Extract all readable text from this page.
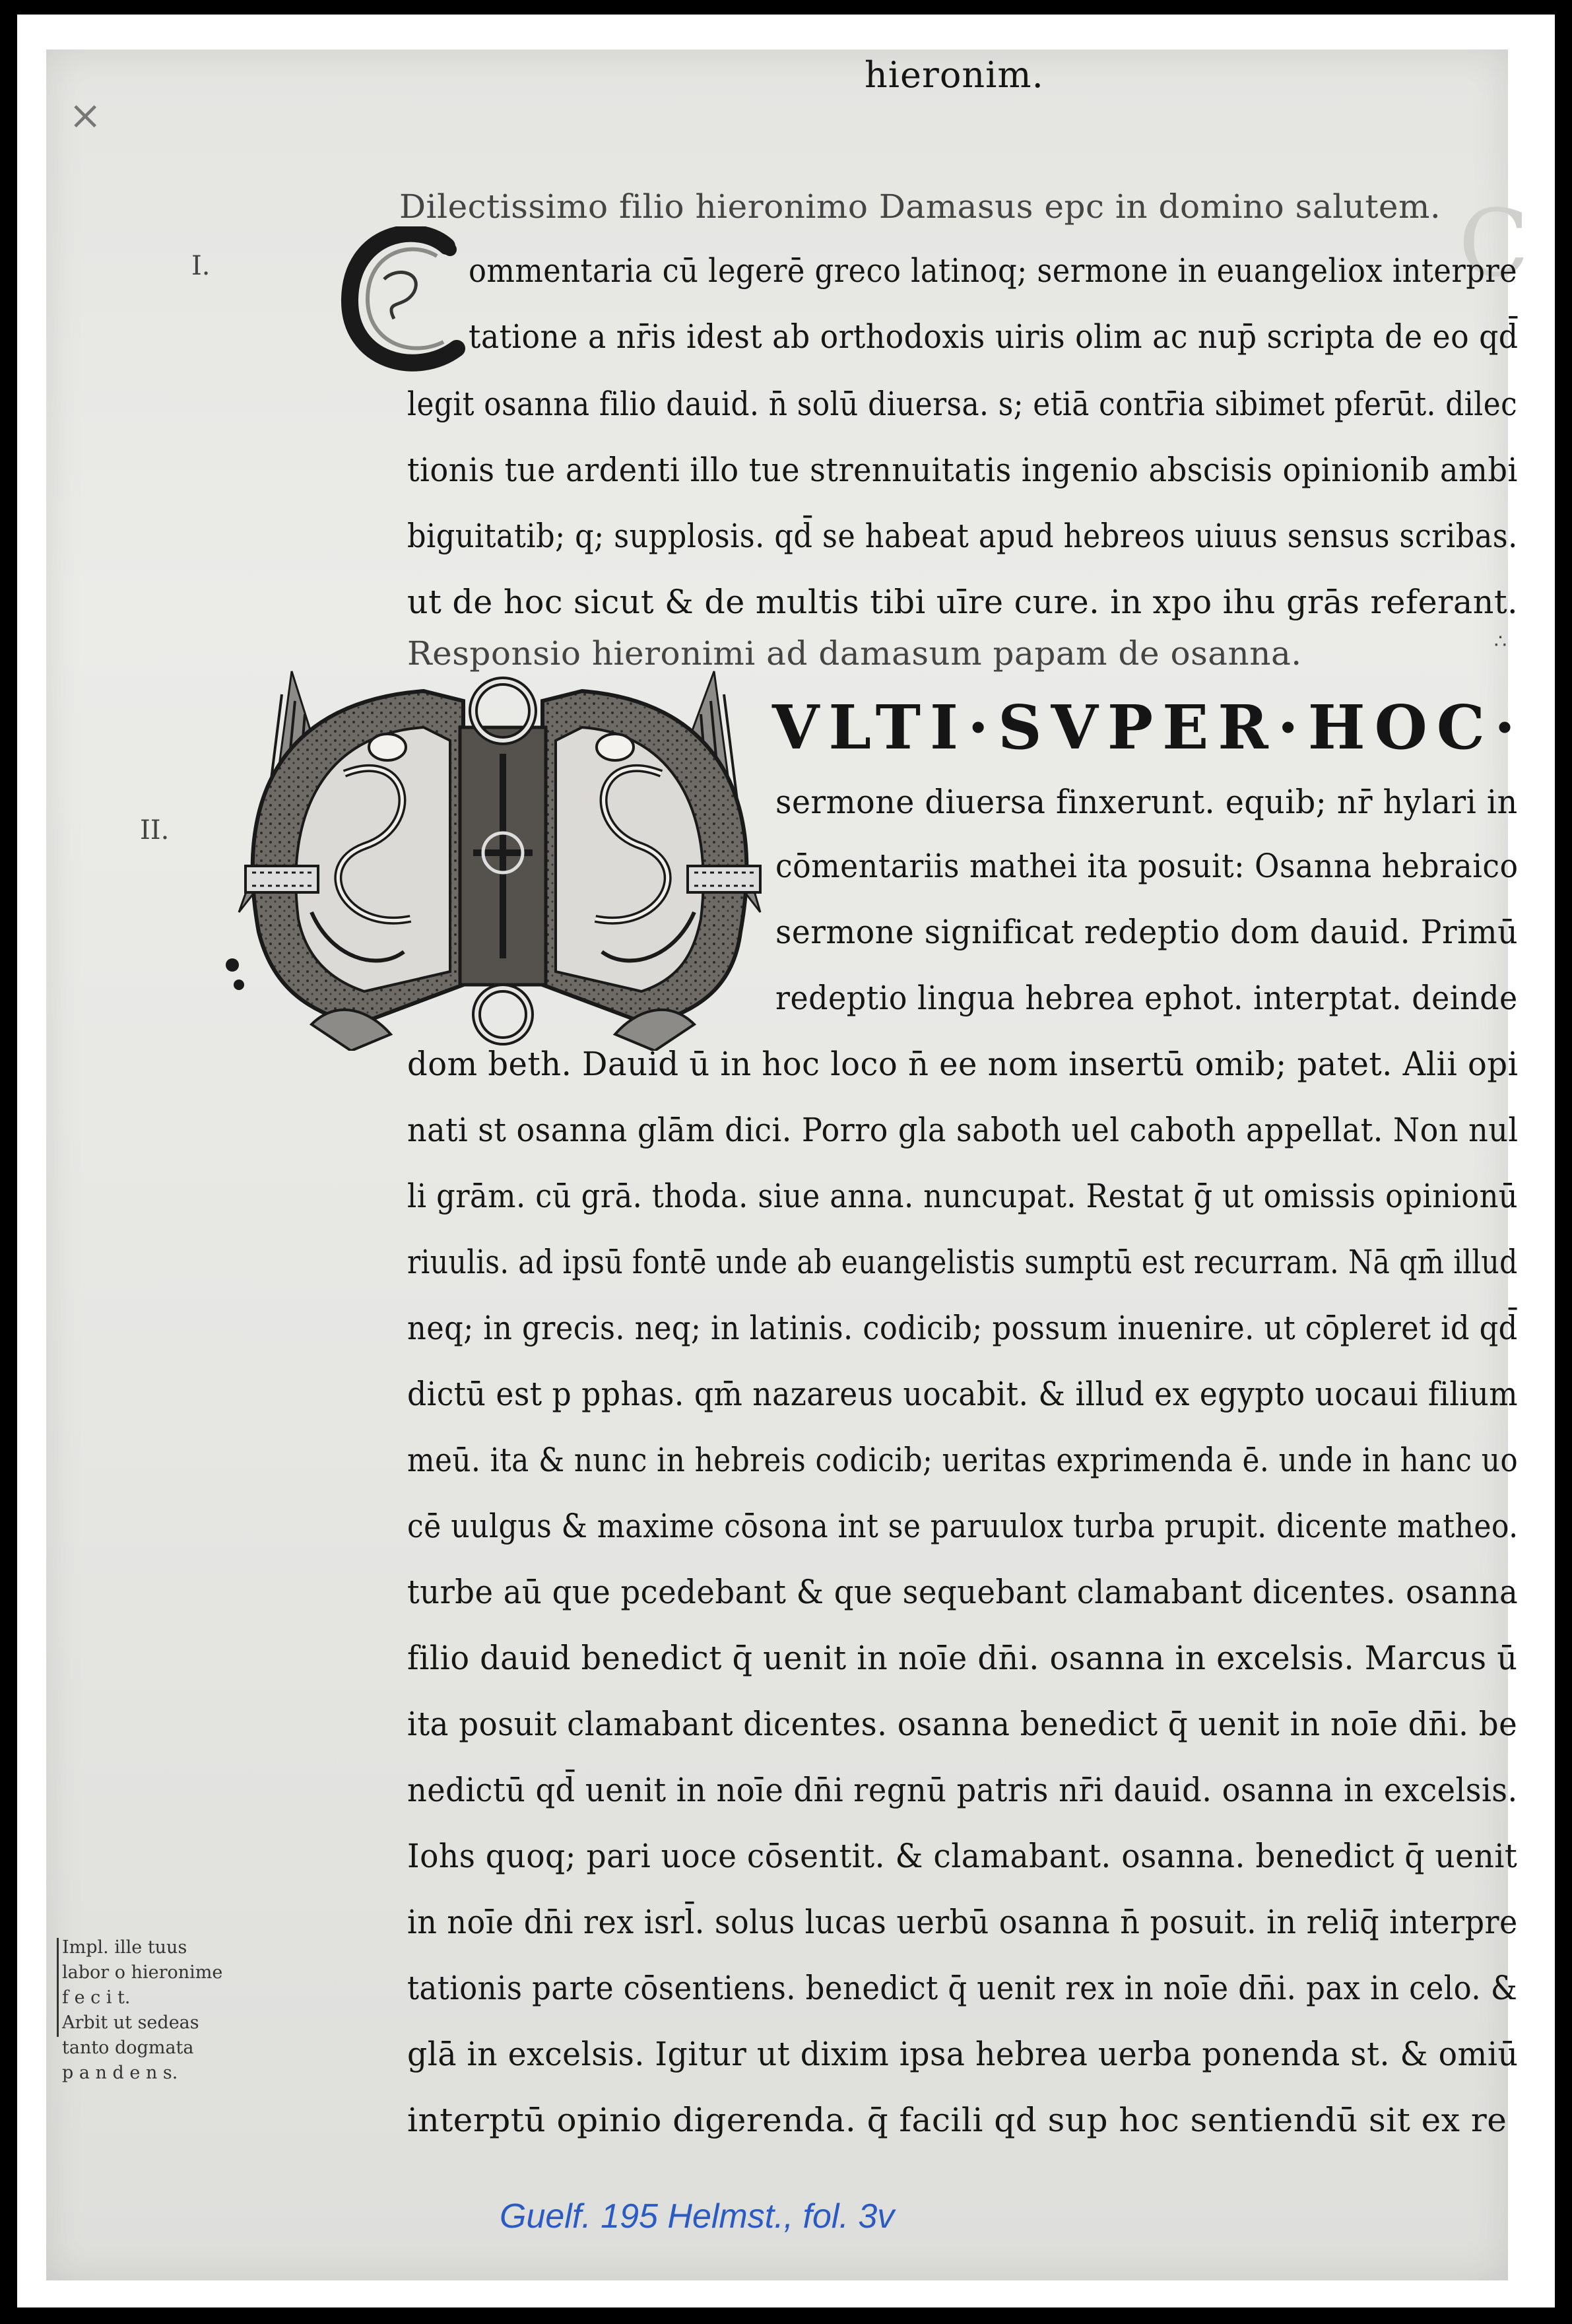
×
C
hieronim.
Dilectissimo filio hieronimo Damasus epc in domino salutem.
I.
II.
ommentaria cū legerē greco latinoq; sermone in euangeliox interpre
tatione a nr̄is idest ab orthodoxis uiris olim ac nup̄ scripta de eo qd̄
legit osanna filio dauid. n̄ solū diuersa. s; etiā contr̄ia sibimet pferūt. dilec
tionis tue ardenti illo tue strennuitatis ingenio abscisis opinionib ambi
biguitatib; q; supplosis. qd̄ se habeat apud hebreos uiuus sensus scribas.
ut de hoc sicut & de multis tibi uīre cure. in xpo ihu grās referant.
Responsio hieronimi ad damasum papam de osanna.	∴
VLTI·SVPER·HOC·
sermone diuersa finxerunt. equib; nr̄ hylari in
cōmentariis mathei ita posuit: Osanna hebraico
sermone significat redeptio dom dauid. Primū
redeptio lingua hebrea ephot. interptat. deinde
dom beth. Dauid ū in hoc loco n̄ ee nom insertū omib; patet. Alii opi
nati st osanna glām dici. Porro gla saboth uel caboth appellat. Non nul
li grām. cū grā. thoda. siue anna. nuncupat. Restat ḡ ut omissis opinionū
riuulis. ad ipsū fontē unde ab euangelistis sumptū est recurram. Nā qm̄ illud
neq; in grecis. neq; in latinis. codicib; possum inuenire. ut cōpleret id qd̄
dictū est p pphas. qm̄ nazareus uocabit. & illud ex egypto uocaui filium
meū. ita & nunc in hebreis codicib; ueritas exprimenda ē. unde in hanc uo
cē uulgus & maxime cōsona int se paruulox turba prupit. dicente matheo.
turbe aū que pcedebant & que sequebant clamabant dicentes. osanna
filio dauid benedict q̄ uenit in noīe dn̄i. osanna in excelsis. Marcus ū
ita posuit clamabant dicentes. osanna benedict q̄ uenit in noīe dn̄i. be
nedictū qd̄ uenit in noīe dn̄i regnū patris nr̄i dauid. osanna in excelsis.
Iohs quoq; pari uoce cōsentit. & clamabant. osanna. benedict q̄ uenit
in noīe dn̄i rex isrl̄. solus lucas uerbū osanna n̄ posuit. in reliq̄ interpre
tationis parte cōsentiens. benedict q̄ uenit rex in noīe dn̄i. pax in celo. &
glā in excelsis. Igitur ut dixim ipsa hebrea uerba ponenda st. & omiū
interptū opinio digerenda. q̄ facili qd sup hoc sentiendū sit ex re
Impl. ille tuus
labor o hieronime
f e c i t.
Arbit ut sedeas
tanto dogmata
p a n d e n s.
Guelf. 195 Helmst., fol. 3v
